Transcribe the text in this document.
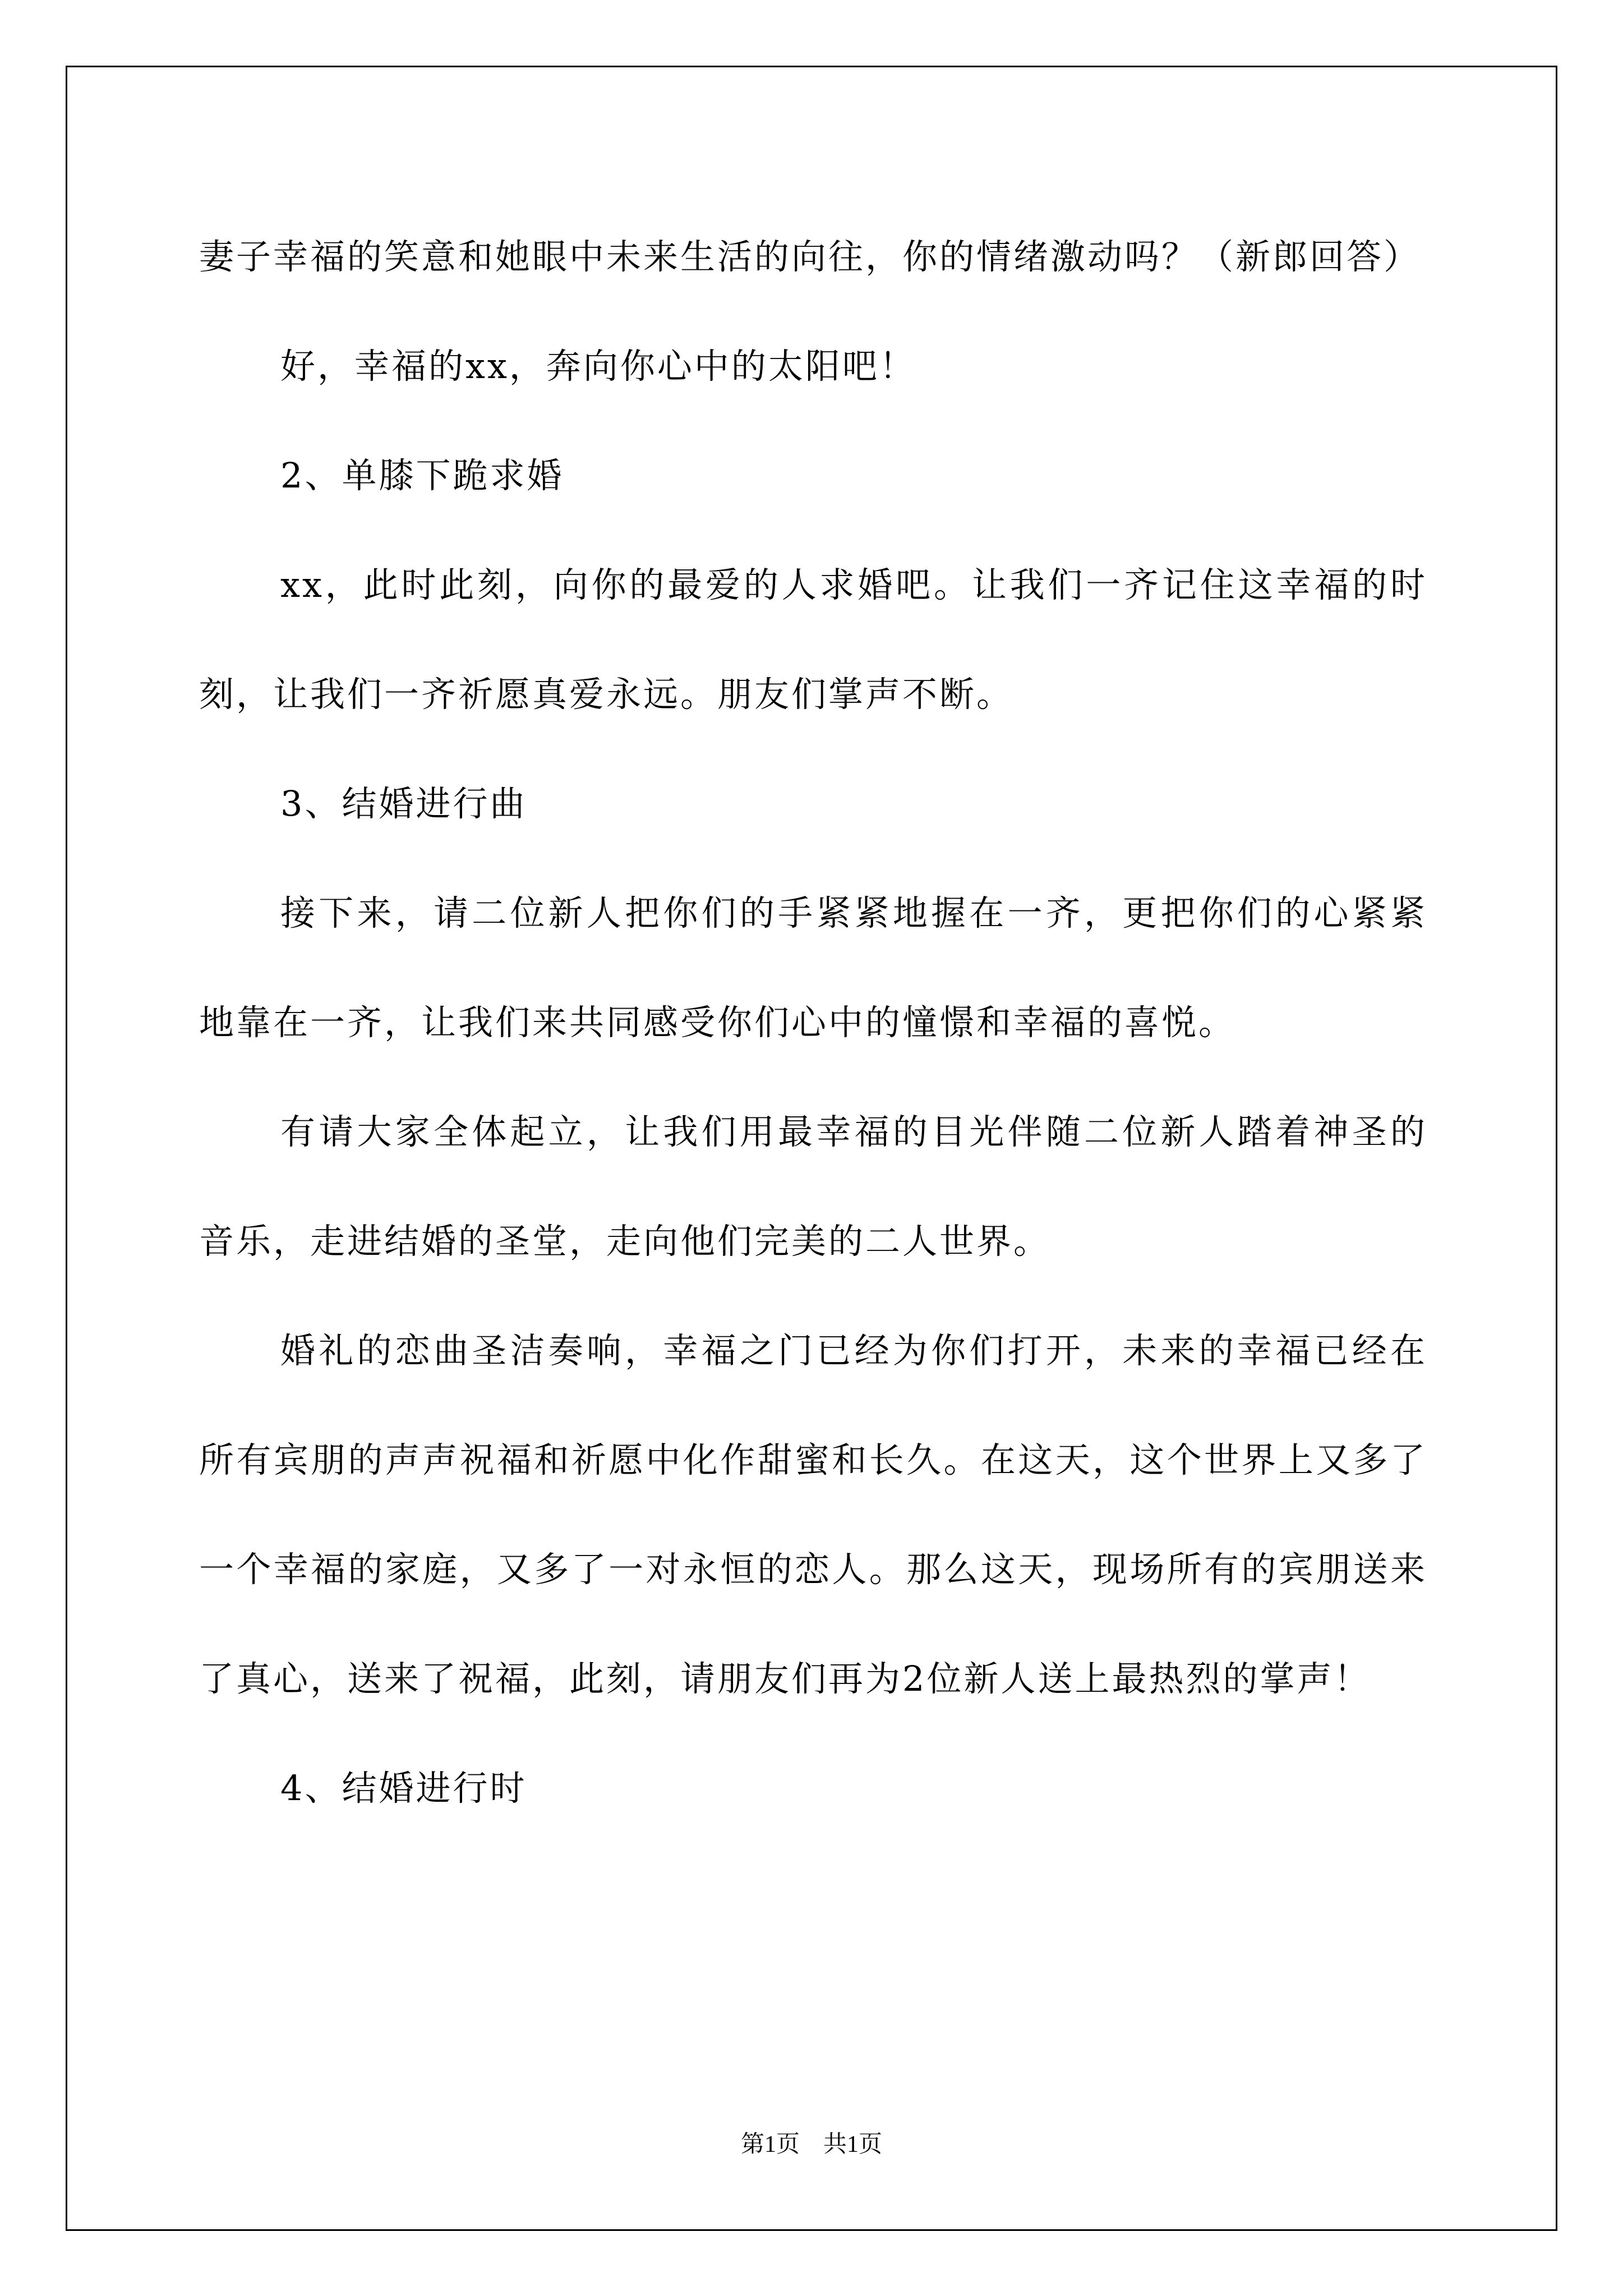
妻子幸福的笑意和她眼中未来生活的向往，你的情绪激动吗？（新郎回答）

好，幸福的xx，奔向你心中的太阳吧！

2、单膝下跪求婚

xx，此时此刻，向你的最爱的人求婚吧。让我们一齐记住这幸福的时刻，让我们一齐祈愿真爱永远。朋友们掌声不断。

3、结婚进行曲

接下来，请二位新人把你们的手紧紧地握在一齐，更把你们的心紧紧地靠在一齐，让我们来共同感受你们心中的憧憬和幸福的喜悦。

有请大家全体起立，让我们用最幸福的目光伴随二位新人踏着神圣的音乐，走进结婚的圣堂，走向他们完美的二人世界。

婚礼的恋曲圣洁奏响，幸福之门已经为你们打开，未来的幸福已经在所有宾朋的声声祝福和祈愿中化作甜蜜和长久。在这天，这个世界上又多了一个幸福的家庭，又多了一对永恒的恋人。那么这天，现场所有的宾朋送来了真心，送来了祝福，此刻，请朋友们再为2位新人送上最热烈的掌声！

4、结婚进行时

第1页　共1页
